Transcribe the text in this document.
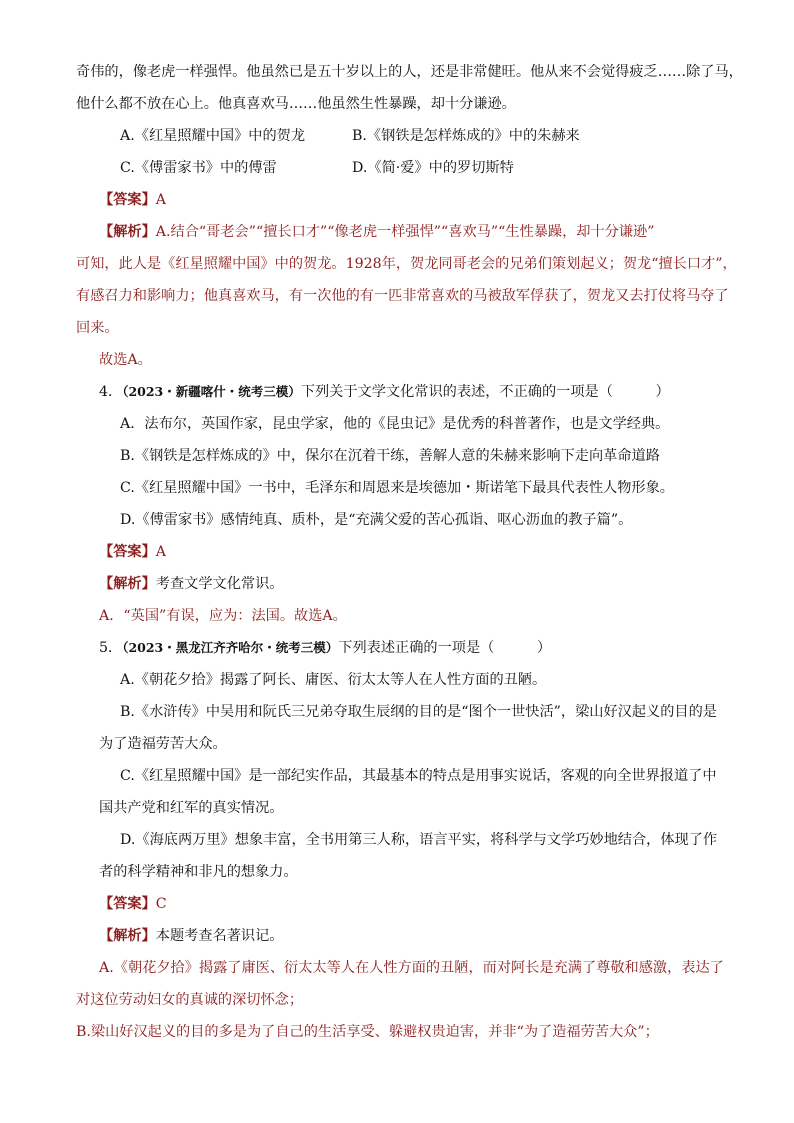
奇伟的，像老虎一样强悍。他虽然已是五十岁以上的人，还是非常健旺。他从来不会觉得疲乏……除了马，
他什么都不放在心上。他真喜欢马……他虽然生性暴躁，却十分谦逊。
A.《红星照耀中国》中的贺龙	B.《钢铁是怎样炼成的》中的朱赫来
C.《傅雷家书》中的傅雷	D.《简·爱》中的罗切斯特
【答案】A
【解析】A.结合“哥老会”“擅长口才”“像老虎一样强悍”“喜欢马”“生性暴躁，却十分谦逊”
可知，此人是《红星照耀中国》中的贺龙。1928年，贺龙同哥老会的兄弟们策划起义；贺龙“擅长口才”，
有感召力和影响力；他真喜欢马，有一次他的有一匹非常喜欢的马被敌军俘获了，贺龙又去打仗将马夺了
回来。
故选A。
4．（2023・新疆喀什・统考三模）下列关于文学文化常识的表述，不正确的一项是（　　　）
A．法布尔，英国作家，昆虫学家，他的《昆虫记》是优秀的科普著作，也是文学经典。
B.《钢铁是怎样炼成的》中，保尔在沉着干练，善解人意的朱赫来影响下走向革命道路
C.《红星照耀中国》一书中，毛泽东和周恩来是埃德加・斯诺笔下最具代表性人物形象。
D.《傅雷家书》感情纯真、质朴，是“充满父爱的苦心孤诣、呕心沥血的教子篇”。
【答案】A
【解析】考查文学文化常识。
A．“英国”有误，应为：法国。故选A。
5．（2023・黑龙江齐齐哈尔・统考三模）下列表述正确的一项是（　　　）
A.《朝花夕拾》揭露了阿长、庸医、衍太太等人在人性方面的丑陋。
B.《水浒传》中吴用和阮氏三兄弟夺取生辰纲的目的是“图个一世快活”，梁山好汉起义的目的是
为了造福劳苦大众。
C.《红星照耀中国》是一部纪实作品，其最基本的特点是用事实说话，客观的向全世界报道了中
国共产党和红军的真实情况。
D.《海底两万里》想象丰富，全书用第三人称，语言平实，将科学与文学巧妙地结合，体现了作
者的科学精神和非凡的想象力。
【答案】C
【解析】本题考查名著识记。
A.《朝花夕拾》揭露了庸医、衍太太等人在人性方面的丑陋，而对阿长是充满了尊敬和感激，表达了
对这位劳动妇女的真诚的深切怀念；
B.梁山好汉起义的目的多是为了自己的生活享受、躲避权贵迫害，并非“为了造福劳苦大众”；
